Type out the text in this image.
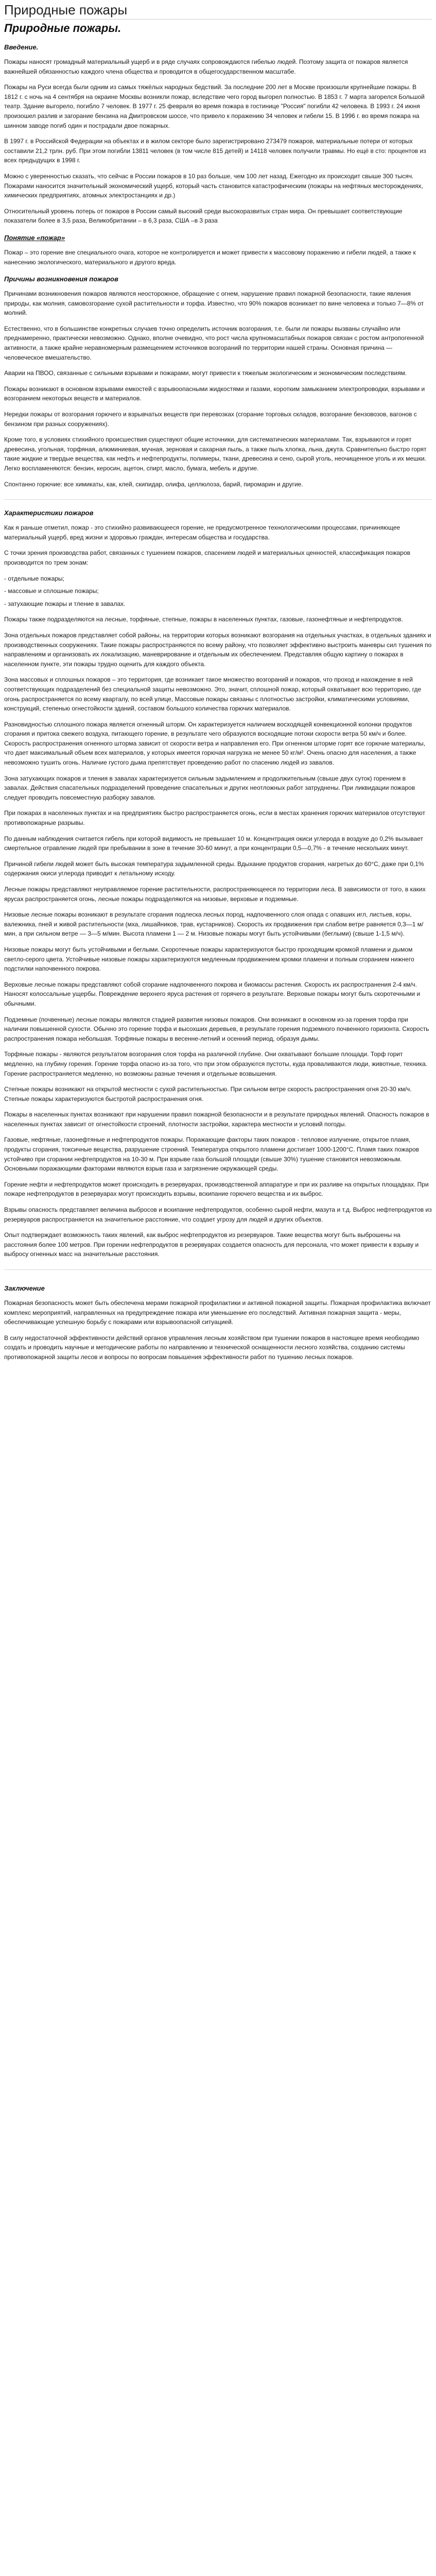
Природные пожары
Природные пожары.
Введение.

Пожары наносят громадный материальный ущерб и в ряде случаях сопровождаются гибелью людей. Поэтому защита от пожаров является важнейшей обязанностью каждого члена общества и проводится в общегосударственном масштабе.

Пожары на Руси всегда были одним из самых тяжёлых народных бедствий. За последние 200 лет в Москве произошли крупнейшие пожары. В 1812 г. с ночь на 4 сентября на окраине Москвы возникли пожар, вследствие чего город выгорел полностью. В 1853 г. 7 марта загорелся Большой театр. Здание выгорело, погибло 7 человек. В 1977 г. 25 февраля во время пожара в гостинице "Россия" погибли 42 человека. В 1993 г. 24 июня произошел разлив и загорание бензина на Дмитровском шоссе, что привело к поражению 34 человек и гибели 15. В 1996 г. во время пожара на шинном заводе погиб один и пострадали двое пожарных.

В 1997 г. в Российской Федерации на объектах и в жилом секторе было зарегистрировано 273479 пожаров, материальные потери от которых составили 21,2 трлн. руб. При этом погибли 13811 человек (в том числе 815 детей) и 14118 человек получили травмы. Но ещё в сто: процентов из всех предыдущих в 1998 г.

Можно с уверенностью сказать, что сейчас в России пожаров в 10 раз больше, чем 100 лет назад. Ежегодно их происходит свыше 300 тысяч. Пожарами наносится значительный экономический ущерб, который часть становится катастрофическим (пожары на нефтяных месторождениях, химических предприятиях, атомных электростанциях и др.)

Относительный уровень потерь от пожаров в России самый высокий среди высокоразвитых стран мира. Он превышает соответствующие показатели более в 3,5 раза, Великобритании – в 6,3 раза, США –в 3 раза

Понятие «пожар»

Пожар – это горение вне специального очага, которое не контролируется и может привести к массовому поражению и гибели людей, а также к нанесению экологического, материального и другого вреда.

Причины возникновения пожаров

Причинами возникновения пожаров являются неосторожное, обращение с огнем, нарушение правил пожарной безопасности, такие явления природы, как молния, самовозгорание сухой растительности и торфа. Известно, что 90% пожаров возникает по вине человека и только 7—8% от молний.

Естественно, что в большинстве конкретных случаев точно определить источник возгорания, т.е. были ли пожары вызваны случайно или преднамеренно, практически невозможно. Однако, вполне очевидно, что рост числа крупномасштабных пожаров связан с ростом антропогенной активности, а также крайне неравномерным размещением источников возгораний по территории нашей страны. Основная причина — человеческое вмешательство.

Аварии на ПВОО, связанные с сильными взрывами и пожарами, могут привести к тяжелым экологическим и экономическим последствиям.

Пожары возникают в основном взрывами емкостей с взрывоопасными жидкостями и газами, коротким замыканием электропроводки, взрывами и возгоранием некоторых веществ и материалов.

Нередки пожары от возгорания горючего и взрывчатых веществ при перевозках (сгорание торговых складов, возгорание бензовозов, вагонов с бензином при разных сооружениях).

Кроме того, в условиях стихийного происшествия существуют общие источники, для систематических материалами. Так, взрываются и горят древесина, угольная, торфяная, алюминиевая, мучная, зерновая и сахарная пыль, а также пыль хлопка, льна, джута. Сравнительно быстро горят такие жидкие и твердые вещества, как нефть и нефтепродукты, полимеры, ткани, древесина и сено, сырой уголь, неочищенное уголь и их мешки. Легко воспламеняются: бензин, керосин, ацетон, спирт, масло, бумага, мебель и другие.

Спонтанно горючие: все химикаты, как, клей, скипидар, олифа, целлюлоза, барий, пиромарин и другие.

Характеристики пожаров

Как я раньше отметил, пожар - это стихийно развивающееся горение, не предусмотренное технологическими процессами, причиняющее материальный ущерб, вред жизни и здоровью граждан, интересам общества и государства.

С точки зрения производства работ, связанных с тушением пожаров, спасением людей и материальных ценностей, классификация пожаров производится по трем зонам:

- отдельные пожары;

- массовые и сплошные пожары;

- затухающие пожары и тление в завалах.

Пожары также подразделяются на лесные, торфяные, степные, пожары в населенных пунктах, газовые, газонефтяные и нефтепродуктов.

Зона отдельных пожаров представляет собой районы, на территории которых возникают возгорания на отдельных участках, в отдельных зданиях и производственных сооружениях. Такие пожары распространяются по всему району, что позволяет эффективно выстроить маневры сил тушения по направлениям и организовать их локализацию, маневрирование и отдельным их обеспечением. Представляя общую картину о пожарах в населенном пункте, эти пожары трудно оценить для каждого объекта.

Зона массовых и сплошных пожаров – это территория, где возникает такое множество возгораний и пожаров, что проход и нахождение в ней соответствующих подразделений без специальной защиты невозможно. Это, значит, сплошной пожар, который охватывает всю территорию, где огонь распространяется по всему кварталу, по всей улице, Массовые пожары связаны с плотностью застройки, климатическими условиями, конструкций, степенью огнестойкости зданий, составом большого количества горючих материалов.

Разновидностью сплошного пожара является огненный шторм. Он характеризуется наличием восходящей конвекционной колонки продуктов сгорания и притока свежего воздуха, питающего горение, в результате чего образуются восходящие потоки скорости ветра 50 км/ч и более. Скорость распространения огненного шторма зависит от скорости ветра и направления его. При огненном шторме горят все горючие материалы, что дает максимальный объем всех материалов, у которых имеется горючая нагрузка не менее 50 кг/м². Очень опасно для населения, а также невозможно тушить огонь. Наличие густого дыма препятствует проведению работ по спасению людей из завалов.

Зона затухающих пожаров и тления в завалах характеризуется сильным задымлением и продолжительным (свыше двух суток) горением в завалах. Действия спасательных подразделений проведение спасательных и других неотложных работ затруднены. При ликвидации пожаров следует проводить повсеместную разборку завалов.

При пожарах в населенных пунктах и на предприятиях быстро распространяется огонь, если в местах хранения горючих материалов отсутствуют противопожарные разрывы.

По данным наблюдения считается гибель при которой видимость не превышает 10 м. Концентрация окиси углерода в воздухе до 0,2% вызывает смертельное отравление людей при пребывании в зоне в течение 30-60 минут, а при концентрации 0,5—0,7% - в течение нескольких минут.

Причиной гибели людей может быть высокая температура задымленной среды. Вдыхание продуктов сгорания, нагретых до 60°С, даже при 0,1% содержания окиси углерода приводит к летальному исходу.

Лесные пожары представляют неуправляемое горение растительности, распространяющееся по территории леса. В зависимости от того, в каких ярусах распространяется огонь, лесные пожары подразделяются на низовые, верховые и подземные.

Низовые лесные пожары возникают в результате сгорания подлеска лесных пород, надпочвенного слоя опада с опавших игл, листьев, коры, валежника, пней и живой растительности (мха, лишайников, трав, кустарников). Скорость их продвижения при слабом ветре равняется 0,3—1 м/мин, а при сильном ветре — 3—5 м/мин. Высота пламени 1 — 2 м. Низовые пожары могут быть устойчивыми (беглыми) (свыше 1-1,5 м/ч).

Низовые пожары могут быть устойчивыми и беглыми. Скоротечные пожары характеризуются быстро проходящим кромкой пламени и дымом светло-серого цвета. Устойчивые низовые пожары характеризуются медленным продвижением кромки пламени и полным сгоранием нижнего подстилки напочвенного покрова.

Верховые лесные пожары представляют собой сгорание надпочвенного покрова и биомассы растения. Скорость их распространения 2-4 км/ч. Наносят колоссальные ущербы. Повреждение верхнего яруса растения от горячего в результате. Верховые пожары могут быть скоротечными и обычными.

Подземные (почвенные) лесные пожары являются стадией развития низовых пожаров. Они возникают в основном из-за горения торфа при наличии повышенной сухости. Обычно это горение торфа и высохших деревьев, в результате горения подземного почвенного горизонта. Скорость распространения пожара небольшая. Торфяные пожары в весенне-летний и осенний период, образуя дымы.

Торфяные пожары - являются результатом возгорания слоя торфа на различной глубине. Они охватывают большие площади. Торф горит медленно, на глубину горения. Горение торфа опасно из-за того, что при этом образуются пустоты, куда проваливаются люди, животные, техника. Горение распространяется медленно, но возможны разные течения и отдельные возвышения.

Степные пожары возникают на открытой местности с сухой растительностью. При сильном ветре скорость распространения огня 20-30 км/ч. Степные пожары характеризуются быстротой распространения огня.

Пожары в населенных пунктах возникают при нарушении правил пожарной безопасности и в результате природных явлений. Опасность пожаров в населенных пунктах зависит от огнестойкости строений, плотности застройки, характера местности и условий погоды.

Газовые, нефтяные, газонефтяные и нефтепродуктов пожары. Поражающие факторы таких пожаров - тепловое излучение, открытое пламя, продукты сгорания, токсичные вещества, разрушение строений. Температура открытого пламени достигает 1000-1200°С. Пламя таких пожаров устойчиво при сгорании нефтепродуктов на 10-30 м. При взрыве газа большой площади (свыше 30%) тушение становится невозможным. Основными поражающими факторами являются взрыв газа и загрязнение окружающей среды.

Горение нефти и нефтепродуктов может происходить в резервуарах, производственной аппаратуре и при их разливе на открытых площадках. При пожаре нефтепродуктов в резервуарах могут происходить взрывы, вскипание горючего вещества и их выброс.

Взрывы опасность представляет величина выбросов и вскипание нефтепродуктов, особенно сырой нефти, мазута и т.д. Выброс нефтепродуктов из резервуаров распространяется на значительное расстояние, что создает угрозу для людей и других объектов.

Опыт подтверждает возможность таких явлений, как выброс нефтепродуктов из резервуаров. Такие вещества могут быть выброшены на расстояния более 100 метров. При горении нефтепродуктов в резервуарах создается опасность для персонала, что может привести к взрыву и выбросу огненных масс на значительные расстояния.

Заключение

Пожарная безопасность может быть обеспечена мерами пожарной профилактики и активной пожарной защиты. Пожарная профилактика включает комплекс мероприятий, направленных на предупреждение пожара или уменьшение его последствий. Активная пожарная защита - меры, обеспечивающие успешную борьбу с пожарами или взрывоопасной ситуацией.

В силу недостаточной эффективности действий органов управления лесным хозяйством при тушении пожаров в настоящее время необходимо создать и проводить научные и методические работы по направлению и технической оснащенности лесного хозяйства, созданию системы противопожарной защиты лесов и вопросы по вопросам повышения эффективности работ по тушению лесных пожаров.
